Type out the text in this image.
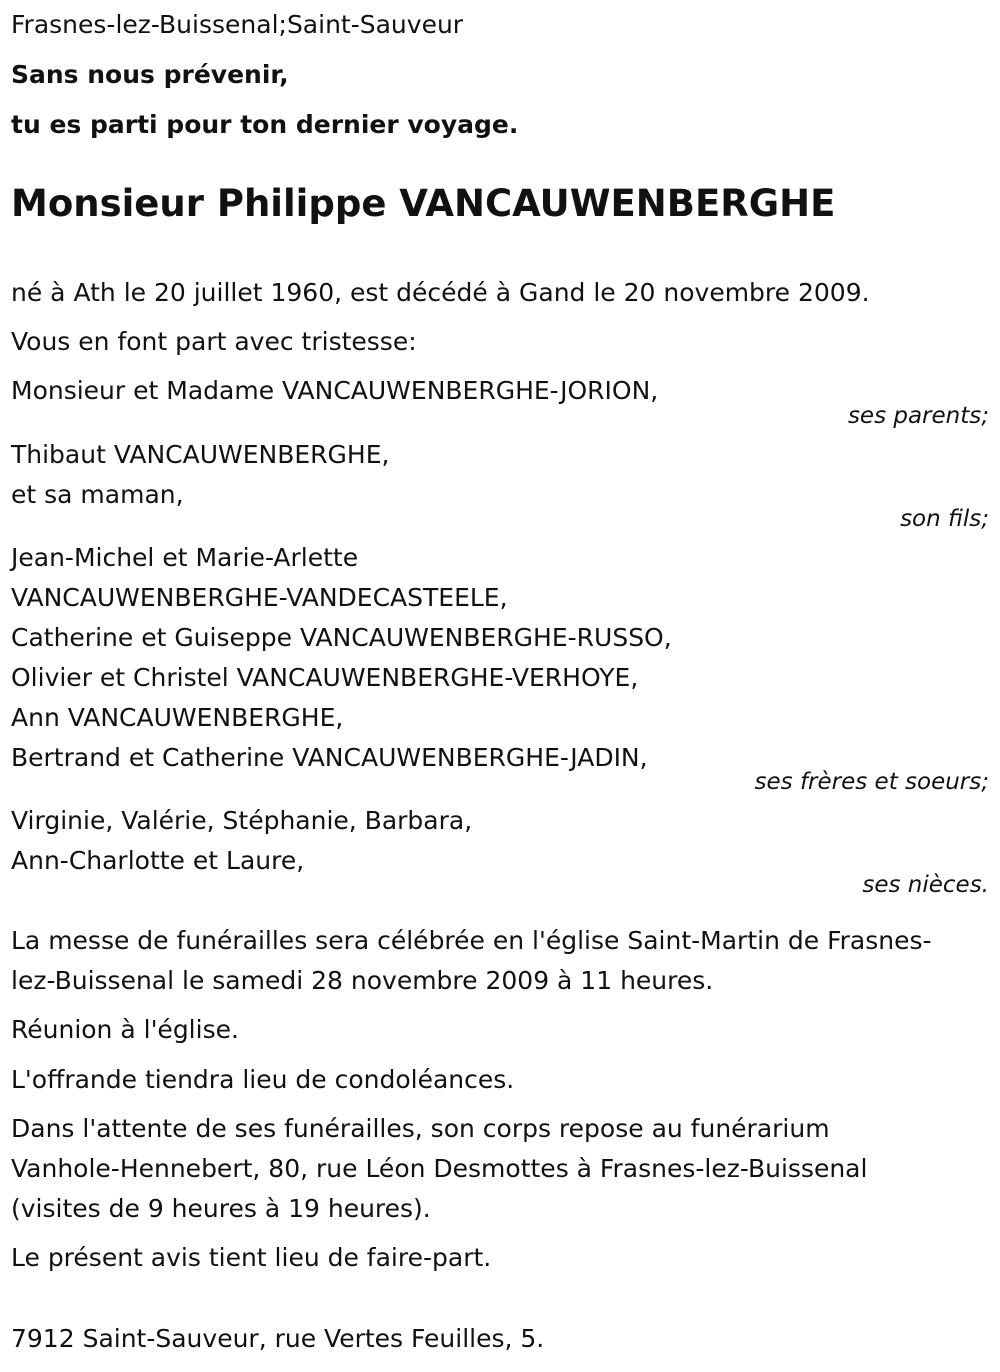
Frasnes-lez-Buissenal;Saint-Sauveur
Sans nous prévenir,
tu es parti pour ton dernier voyage.
Monsieur Philippe VANCAUWENBERGHE
né à Ath le 20 juillet 1960, est décédé à Gand le 20 novembre 2009.
Vous en font part avec tristesse:
Monsieur et Madame VANCAUWENBERGHE-JORION,
ses parents;
Thibaut VANCAUWENBERGHE,
et sa maman,
son fils;
Jean-Michel et Marie-Arlette
VANCAUWENBERGHE-VANDECASTEELE,
Catherine et Guiseppe VANCAUWENBERGHE-RUSSO,
Olivier et Christel VANCAUWENBERGHE-VERHOYE,
Ann VANCAUWENBERGHE,
Bertrand et Catherine VANCAUWENBERGHE-JADIN,
ses frères et soeurs;
Virginie, Valérie, Stéphanie, Barbara,
Ann-Charlotte et Laure,
ses nièces.
La messe de funérailles sera célébrée en l'église Saint-Martin de Frasnes-
lez-Buissenal le samedi 28 novembre 2009 à 11 heures.
Réunion à l'église.
L'offrande tiendra lieu de condoléances.
Dans l'attente de ses funérailles, son corps repose au funérarium
Vanhole-Hennebert, 80, rue Léon Desmottes à Frasnes-lez-Buissenal
(visites de 9 heures à 19 heures).
Le présent avis tient lieu de faire-part.
7912 Saint-Sauveur, rue Vertes Feuilles, 5.
